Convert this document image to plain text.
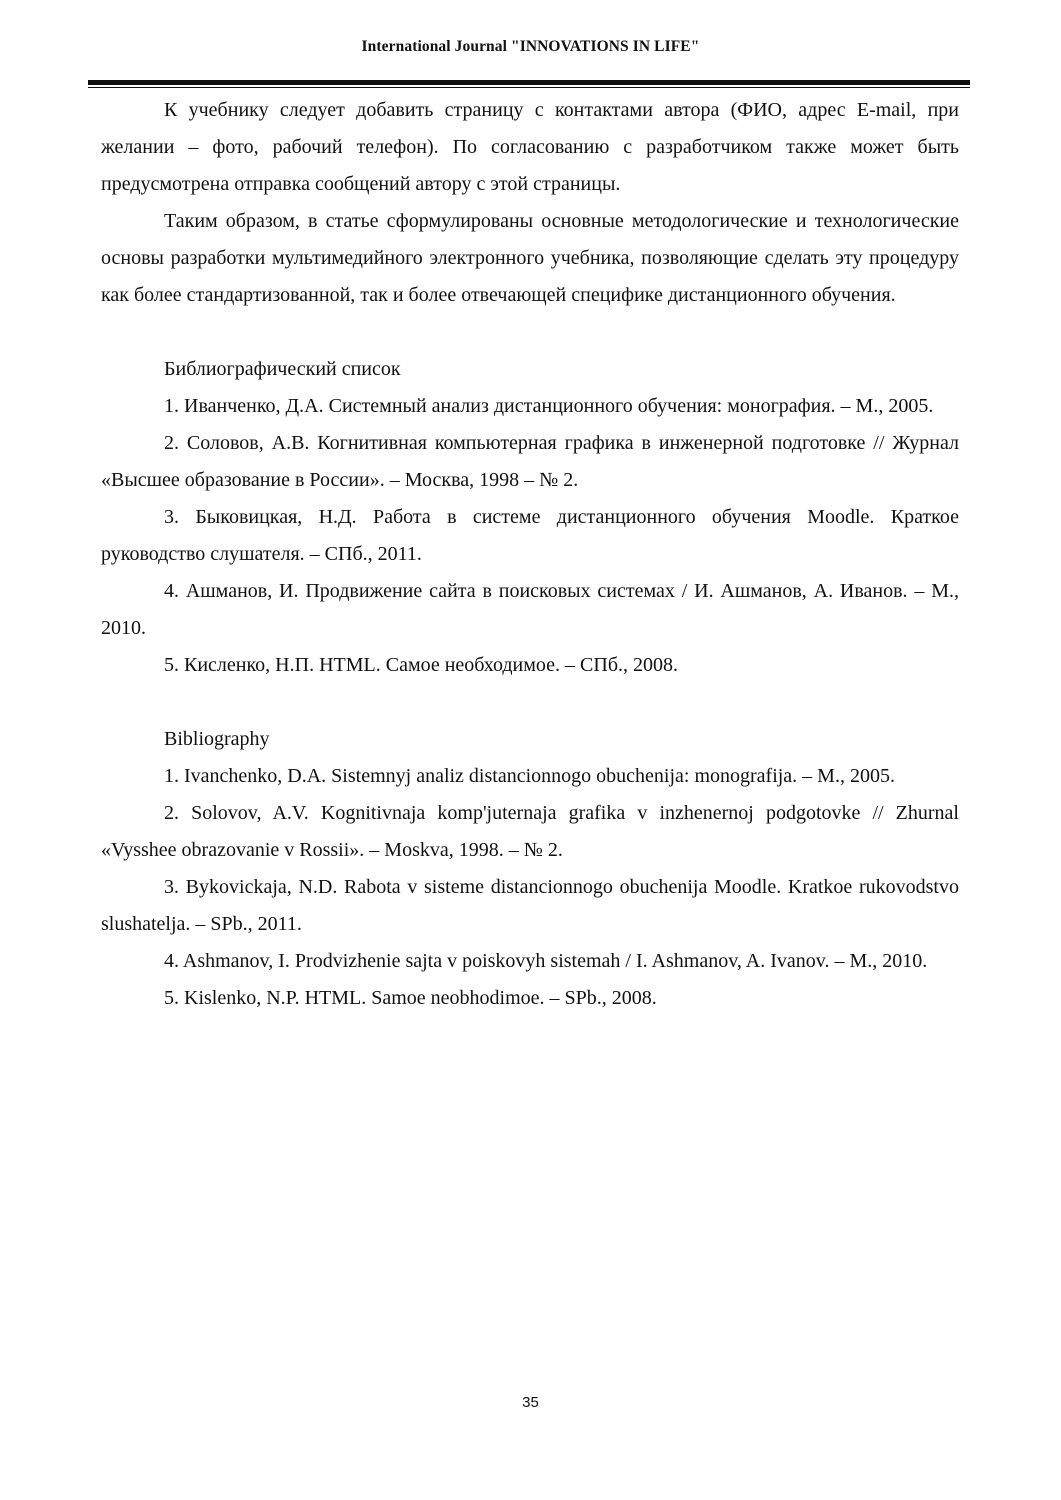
International Journal "INNOVATIONS IN LIFE"

К учебнику следует добавить страницу с контактами автора (ФИО, адрес E-mail, при желании – фото, рабочий телефон). По согласованию с разработчиком также может быть предусмотрена отправка сообщений автору с этой страницы.

Таким образом, в статье сформулированы основные методологические и технологические основы разработки мультимедийного электронного учебника, позволяющие сделать эту процедуру как более стандартизованной, так и более отвечающей специфике дистанционного обучения.

Библиографический список

1. Иванченко, Д.А. Системный анализ дистанционного обучения: монография. – М., 2005.

2. Соловов, А.В. Когнитивная компьютерная графика в инженерной подготовке // Журнал «Высшее образование в России». – Москва, 1998 – № 2.

3. Быковицкая, Н.Д. Работа в системе дистанционного обучения Moodle. Краткое руководство слушателя. – СПб., 2011.

4. Ашманов, И. Продвижение сайта в поисковых системах / И. Ашманов, А. Иванов. – М., 2010.

5. Кисленко, Н.П. HTML. Самое необходимое. – СПб., 2008.

Bibliography

1. Ivanchenko, D.A. Sistemnyj analiz distancionnogo obuchenija: monografija. – M., 2005.

2. Solovov, A.V. Kognitivnaja komp'juternaja grafika v inzhenernoj podgotovke // Zhurnal «Vysshee obrazovanie v Rossii». – Moskva, 1998. – № 2.

3. Bykovickaja, N.D. Rabota v sisteme distancionnogo obuchenija Moodle. Kratkoe rukovodstvo slushatelja. – SPb., 2011.

4. Ashmanov, I. Prodvizhenie sajta v poiskovyh sistemah / I. Ashmanov, A. Ivanov. – M., 2010.

5. Kislenko, N.P. HTML. Samoe neobhodimoe. – SPb., 2008.

35
